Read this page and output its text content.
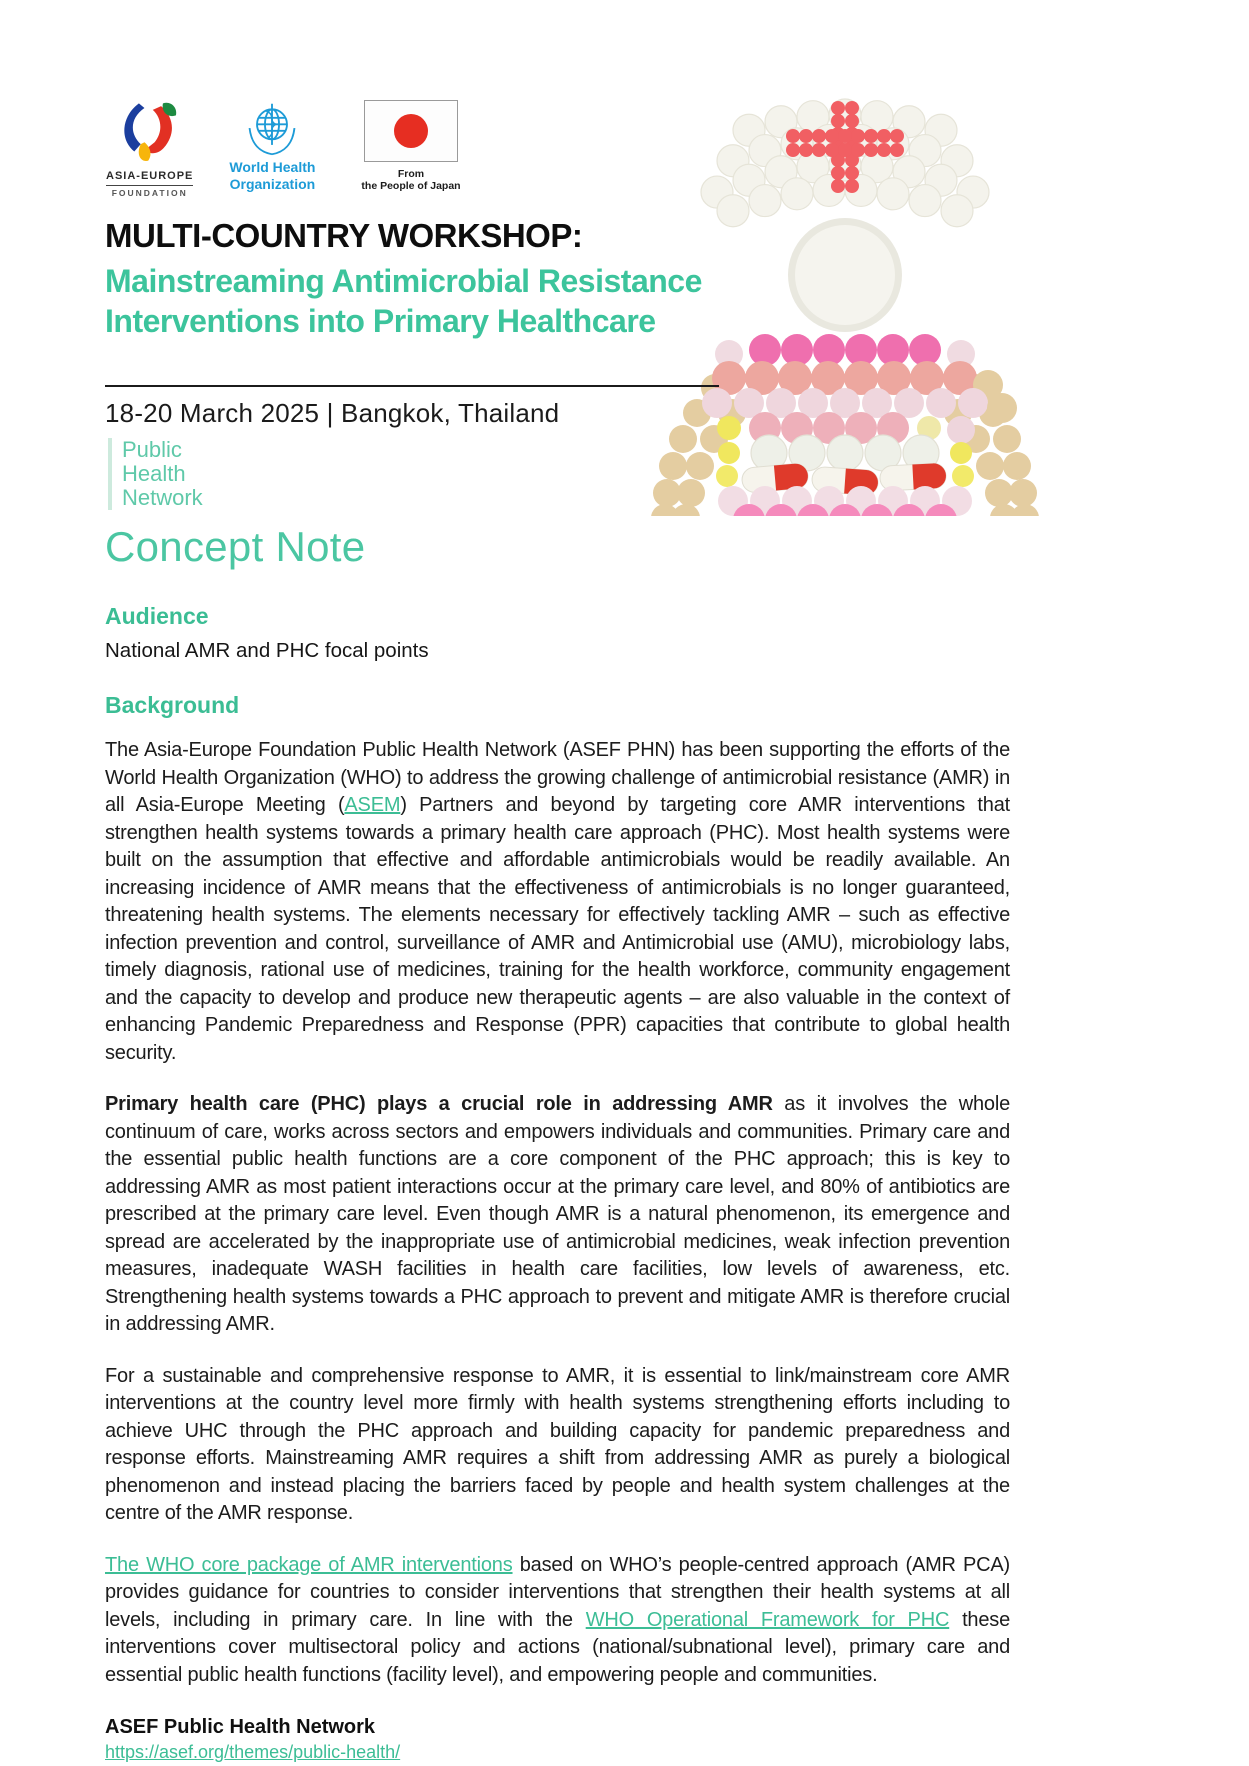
ASIA-EUROPE
FOUNDATION
World Health
Organization
From
the People of Japan
MULTI-COUNTRY WORKSHOP:
Mainstreaming Antimicrobial Resistance
Interventions into Primary Healthcare
18-20 March 2025 | Bangkok, Thailand
Public
Health
Network
Concept Note
Audience
National AMR and PHC focal points
Background

The Asia-Europe Foundation Public Health Network (ASEF PHN) has been supporting the efforts of the World Health Organization (WHO) to address the growing challenge of antimicrobial resistance (AMR) in all Asia-Europe Meeting (ASEM) Partners and beyond by targeting core AMR interventions that strengthen health systems towards a primary health care approach (PHC). Most health systems were built on the assumption that effective and affordable antimicrobials would be readily available. An increasing incidence of AMR means that the effectiveness of antimicrobials is no longer guaranteed, threatening health systems. The elements necessary for effectively tackling AMR – such as effective infection prevention and control, surveillance of AMR and Antimicrobial use (AMU), microbiology labs, timely diagnosis, rational use of medicines, training for the health workforce, community engagement and the capacity to develop and produce new therapeutic agents – are also valuable in the context of enhancing Pandemic Preparedness and Response (PPR) capacities that contribute to global health security.

Primary health care (PHC) plays a crucial role in addressing AMR as it involves the whole continuum of care, works across sectors and empowers individuals and communities. Primary care and the essential public health functions are a core component of the PHC approach; this is key to addressing AMR as most patient interactions occur at the primary care level, and 80% of antibiotics are prescribed at the primary care level. Even though AMR is a natural phenomenon, its emergence and spread are accelerated by the inappropriate use of antimicrobial medicines, weak infection prevention measures, inadequate WASH facilities in health care facilities, low levels of awareness, etc. Strengthening health systems towards a PHC approach to prevent and mitigate AMR is therefore crucial in addressing AMR.

For a sustainable and comprehensive response to AMR, it is essential to link/mainstream core AMR interventions at the country level more firmly with health systems strengthening efforts including to achieve UHC through the PHC approach and building capacity for pandemic preparedness and response efforts. Mainstreaming AMR requires a shift from addressing AMR as purely a biological phenomenon and instead placing the barriers faced by people and health system challenges at the centre of the AMR response.

The WHO core package of AMR interventions based on WHO’s people-centred approach (AMR PCA) provides guidance for countries to consider interventions that strengthen their health systems at all levels, including in primary care. In line with the WHO Operational Framework for PHC these interventions cover multisectoral policy and actions (national/subnational level), primary care and essential public health functions (facility level), and empowering people and communities.

ASEF Public Health Network
https://asef.org/themes/public-health/
